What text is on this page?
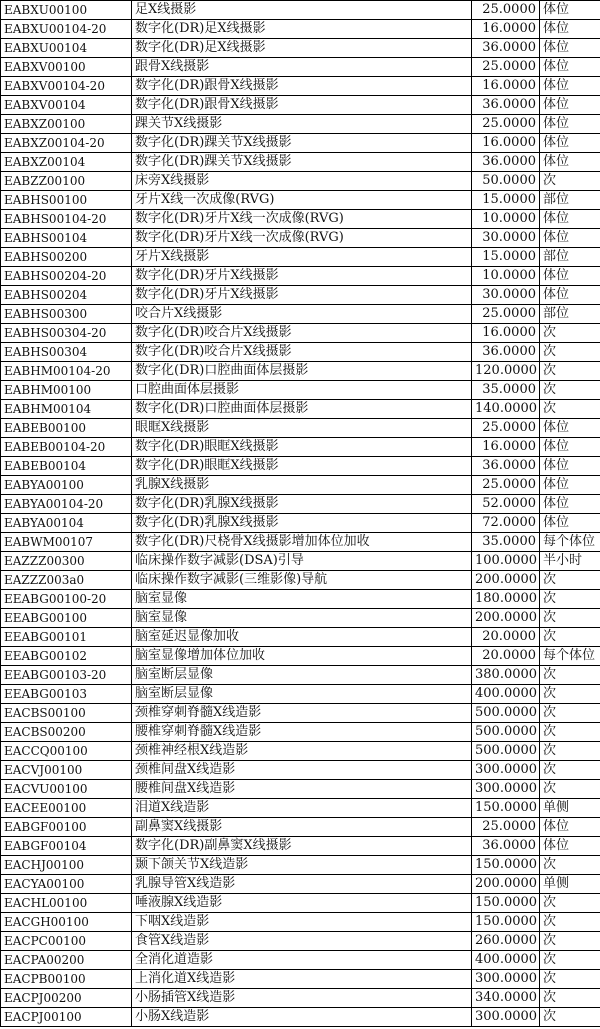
EABXU00100	足X线摄影	25.0000	体位
EABXU00104-20	数字化(DR)足X线摄影	16.0000	体位
EABXU00104	数字化(DR)足X线摄影	36.0000	体位
EABXV00100	跟骨X线摄影	25.0000	体位
EABXV00104-20	数字化(DR)跟骨X线摄影	16.0000	体位
EABXV00104	数字化(DR)跟骨X线摄影	36.0000	体位
EABXZ00100	踝关节X线摄影	25.0000	体位
EABXZ00104-20	数字化(DR)踝关节X线摄影	16.0000	体位
EABXZ00104	数字化(DR)踝关节X线摄影	36.0000	体位
EABZZ00100	床旁X线摄影	50.0000	次
EABHS00100	牙片X线一次成像(RVG)	15.0000	部位
EABHS00104-20	数字化(DR)牙片X线一次成像(RVG)	10.0000	体位
EABHS00104	数字化(DR)牙片X线一次成像(RVG)	30.0000	体位
EABHS00200	牙片X线摄影	15.0000	部位
EABHS00204-20	数字化(DR)牙片X线摄影	10.0000	体位
EABHS00204	数字化(DR)牙片X线摄影	30.0000	体位
EABHS00300	咬合片X线摄影	25.0000	部位
EABHS00304-20	数字化(DR)咬合片X线摄影	16.0000	次
EABHS00304	数字化(DR)咬合片X线摄影	36.0000	次
EABHM00104-20	数字化(DR)口腔曲面体层摄影	120.0000	次
EABHM00100	口腔曲面体层摄影	35.0000	次
EABHM00104	数字化(DR)口腔曲面体层摄影	140.0000	次
EABEB00100	眼眶X线摄影	25.0000	体位
EABEB00104-20	数字化(DR)眼眶X线摄影	16.0000	体位
EABEB00104	数字化(DR)眼眶X线摄影	36.0000	体位
EABYA00100	乳腺X线摄影	25.0000	体位
EABYA00104-20	数字化(DR)乳腺X线摄影	52.0000	体位
EABYA00104	数字化(DR)乳腺X线摄影	72.0000	体位
EABWM00107	数字化(DR)尺桡骨X线摄影增加体位加收	35.0000	每个体位
EAZZZ00300	临床操作数字减影(DSA)引导	100.0000	半小时
EAZZZ003a0	临床操作数字减影(三维影像)导航	200.0000	次
EEABG00100-20	脑室显像	180.0000	次
EEABG00100	脑室显像	200.0000	次
EEABG00101	脑室延迟显像加收	20.0000	次
EEABG00102	脑室显像增加体位加收	20.0000	每个体位
EEABG00103-20	脑室断层显像	380.0000	次
EEABG00103	脑室断层显像	400.0000	次
EACBS00100	颈椎穿刺脊髓X线造影	500.0000	次
EACBS00200	腰椎穿刺脊髓X线造影	500.0000	次
EACCQ00100	颈椎神经根X线造影	500.0000	次
EACVJ00100	颈椎间盘X线造影	300.0000	次
EACVU00100	腰椎间盘X线造影	300.0000	次
EACEE00100	泪道X线造影	150.0000	单侧
EABGF00100	副鼻窦X线摄影	25.0000	体位
EABGF00104	数字化(DR)副鼻窦X线摄影	36.0000	体位
EACHJ00100	颞下颌关节X线造影	150.0000	次
EACYA00100	乳腺导管X线造影	200.0000	单侧
EACHL00100	唾液腺X线造影	150.0000	次
EACGH00100	下咽X线造影	150.0000	次
EACPC00100	食管X线造影	260.0000	次
EACPA00200	全消化道造影	400.0000	次
EACPB00100	上消化道X线造影	300.0000	次
EACPJ00200	小肠插管X线造影	340.0000	次
EACPJ00100	小肠X线造影	300.0000	次
